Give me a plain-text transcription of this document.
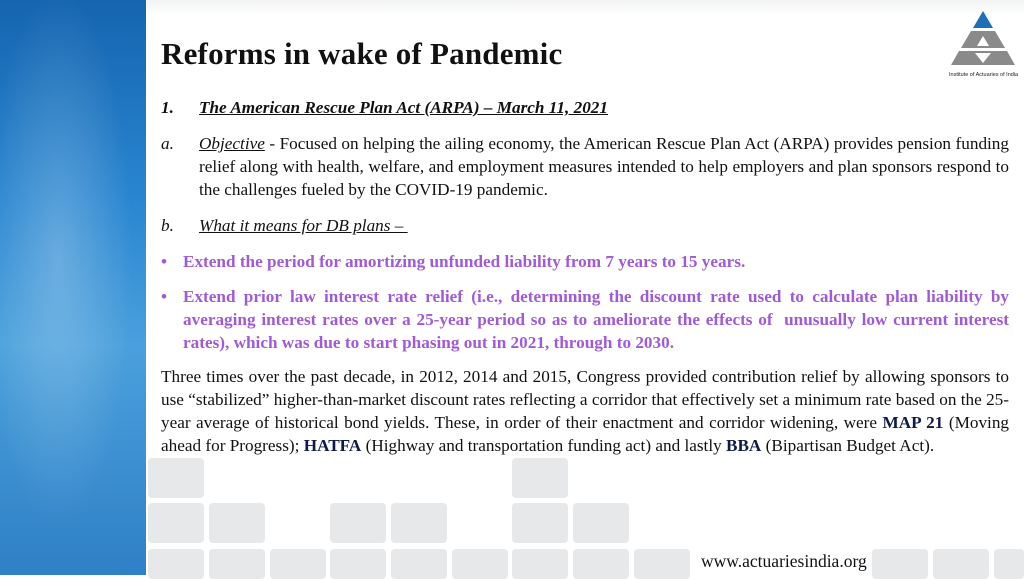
Reforms in wake of Pandemic
Institute of Actuaries of India
1.	The American Rescue Plan Act (ARPA) – March 11, 2021
a.	Objective - Focused on helping the ailing economy, the American Rescue Plan Act (ARPA) provides pension funding relief along with health, welfare, and employment measures intended to help employers and plan sponsors respond to the challenges fueled by the COVID-19 pandemic.
b.	What it means for DB plans –
• Extend the period for amortizing unfunded liability from 7 years to 15 years.
• Extend prior law interest rate relief (i.e., determining the discount rate used to calculate plan liability by averaging interest rates over a 25-year period so as to ameliorate the effects of  unusually low current interest rates), which was due to start phasing out in 2021, through to 2030.
Three times over the past decade, in 2012, 2014 and 2015, Congress provided contribution relief by allowing sponsors to use “stabilized” higher-than-market discount rates reflecting a corridor that effectively set a minimum rate based on the 25-year average of historical bond yields. These, in order of their enactment and corridor widening, were MAP 21 (Moving ahead for Progress); HATFA (Highway and transportation funding act) and lastly BBA (Bipartisan Budget Act).
www.actuariesindia.org
